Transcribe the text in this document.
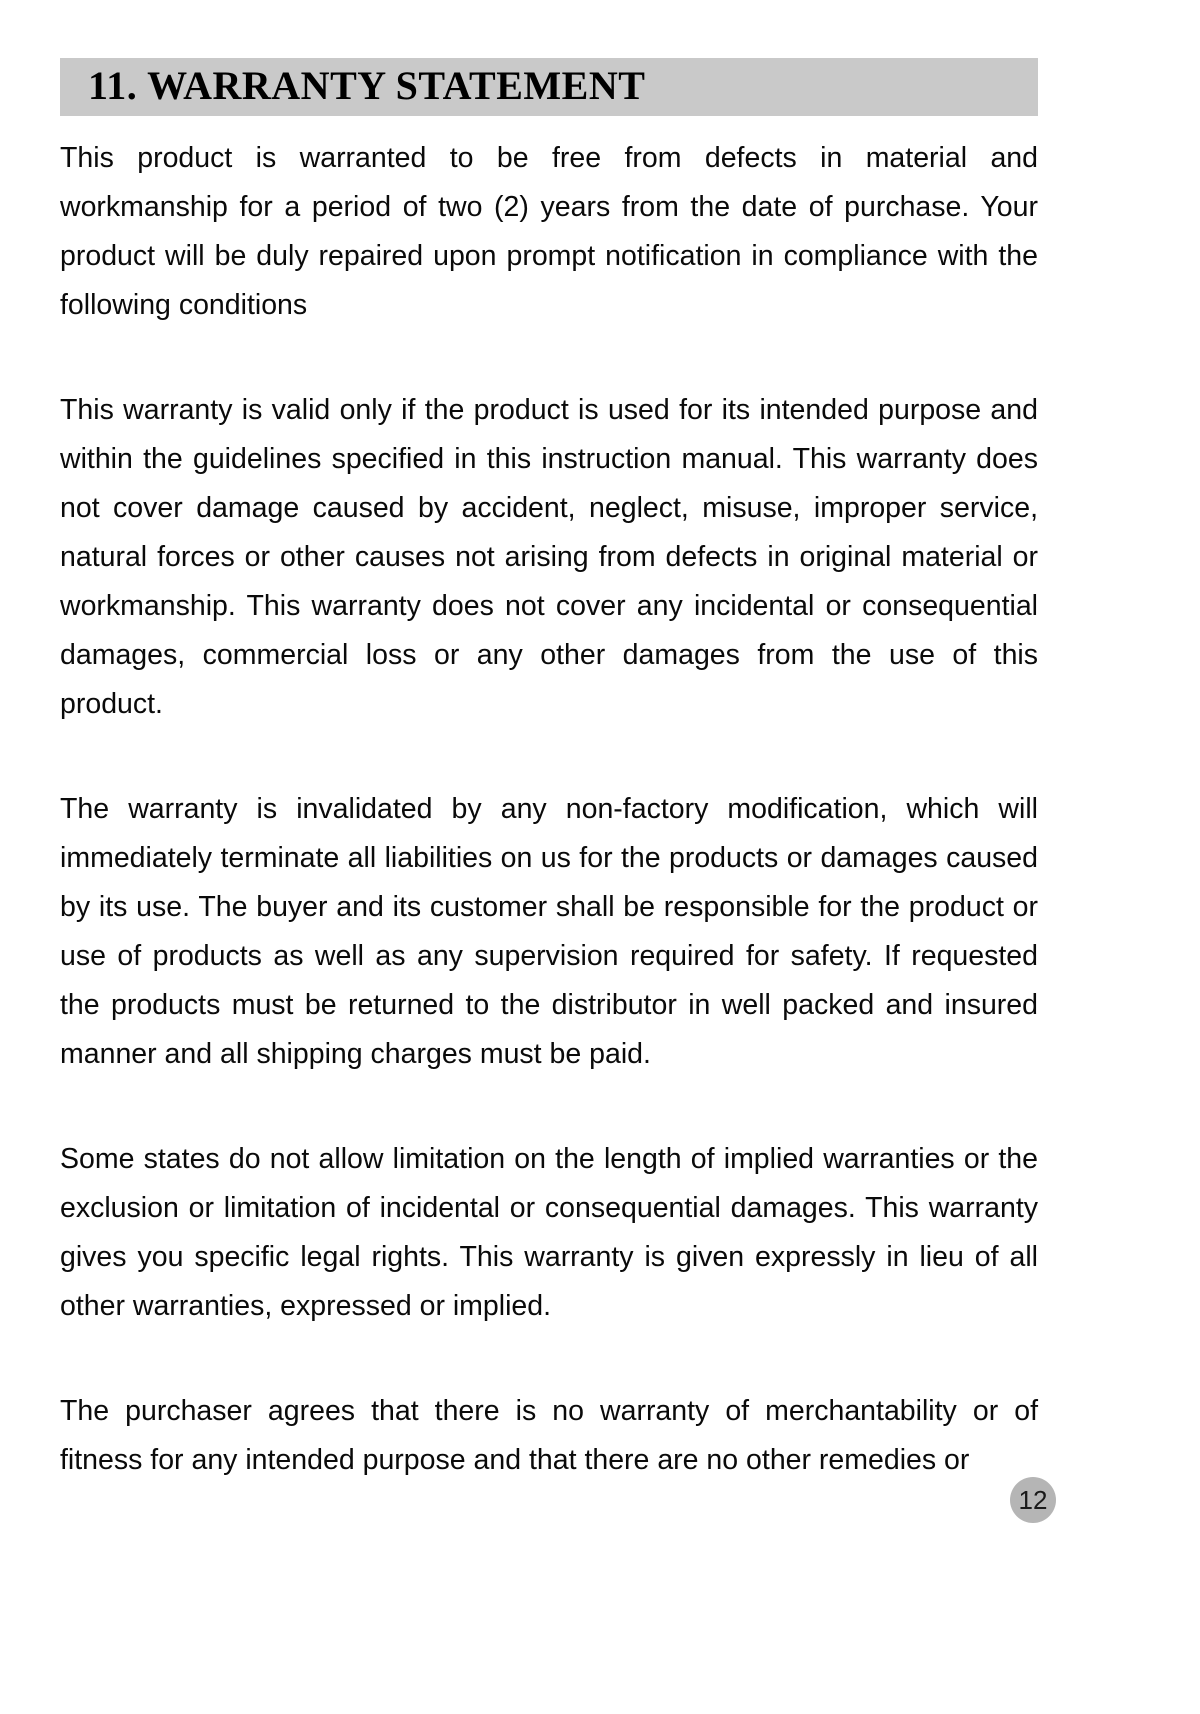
11. WARRANTY STATEMENT

This product is warranted to be free from defects in material and workmanship for a period of two (2) years from the date of purchase. Your product will be duly repaired upon prompt notification in compliance with the following conditions

This warranty is valid only if the product is used for its intended purpose and within the guidelines specified in this instruction manual. This warranty does not cover damage caused by accident, neglect, misuse, improper service, natural forces or other causes not arising from defects in original material or workmanship. This warranty does not cover any incidental or consequential damages, commercial loss or any other damages from the use of this product.

The warranty is invalidated by any non-factory modification, which will immediately terminate all liabilities on us for the products or damages caused by its use. The buyer and its customer shall be responsible for the product or use of products as well as any supervision required for safety. If requested the products must be returned to the distributor in well packed and insured manner and all shipping charges must be paid.

Some states do not allow limitation on the length of implied warranties or the exclusion or limitation of incidental or consequential damages. This warranty gives you specific legal rights. This warranty is given expressly in lieu of all other warranties, expressed or implied.

The purchaser agrees that there is no warranty of merchantability or of fitness for any intended purpose and that there are no other remedies or

12
